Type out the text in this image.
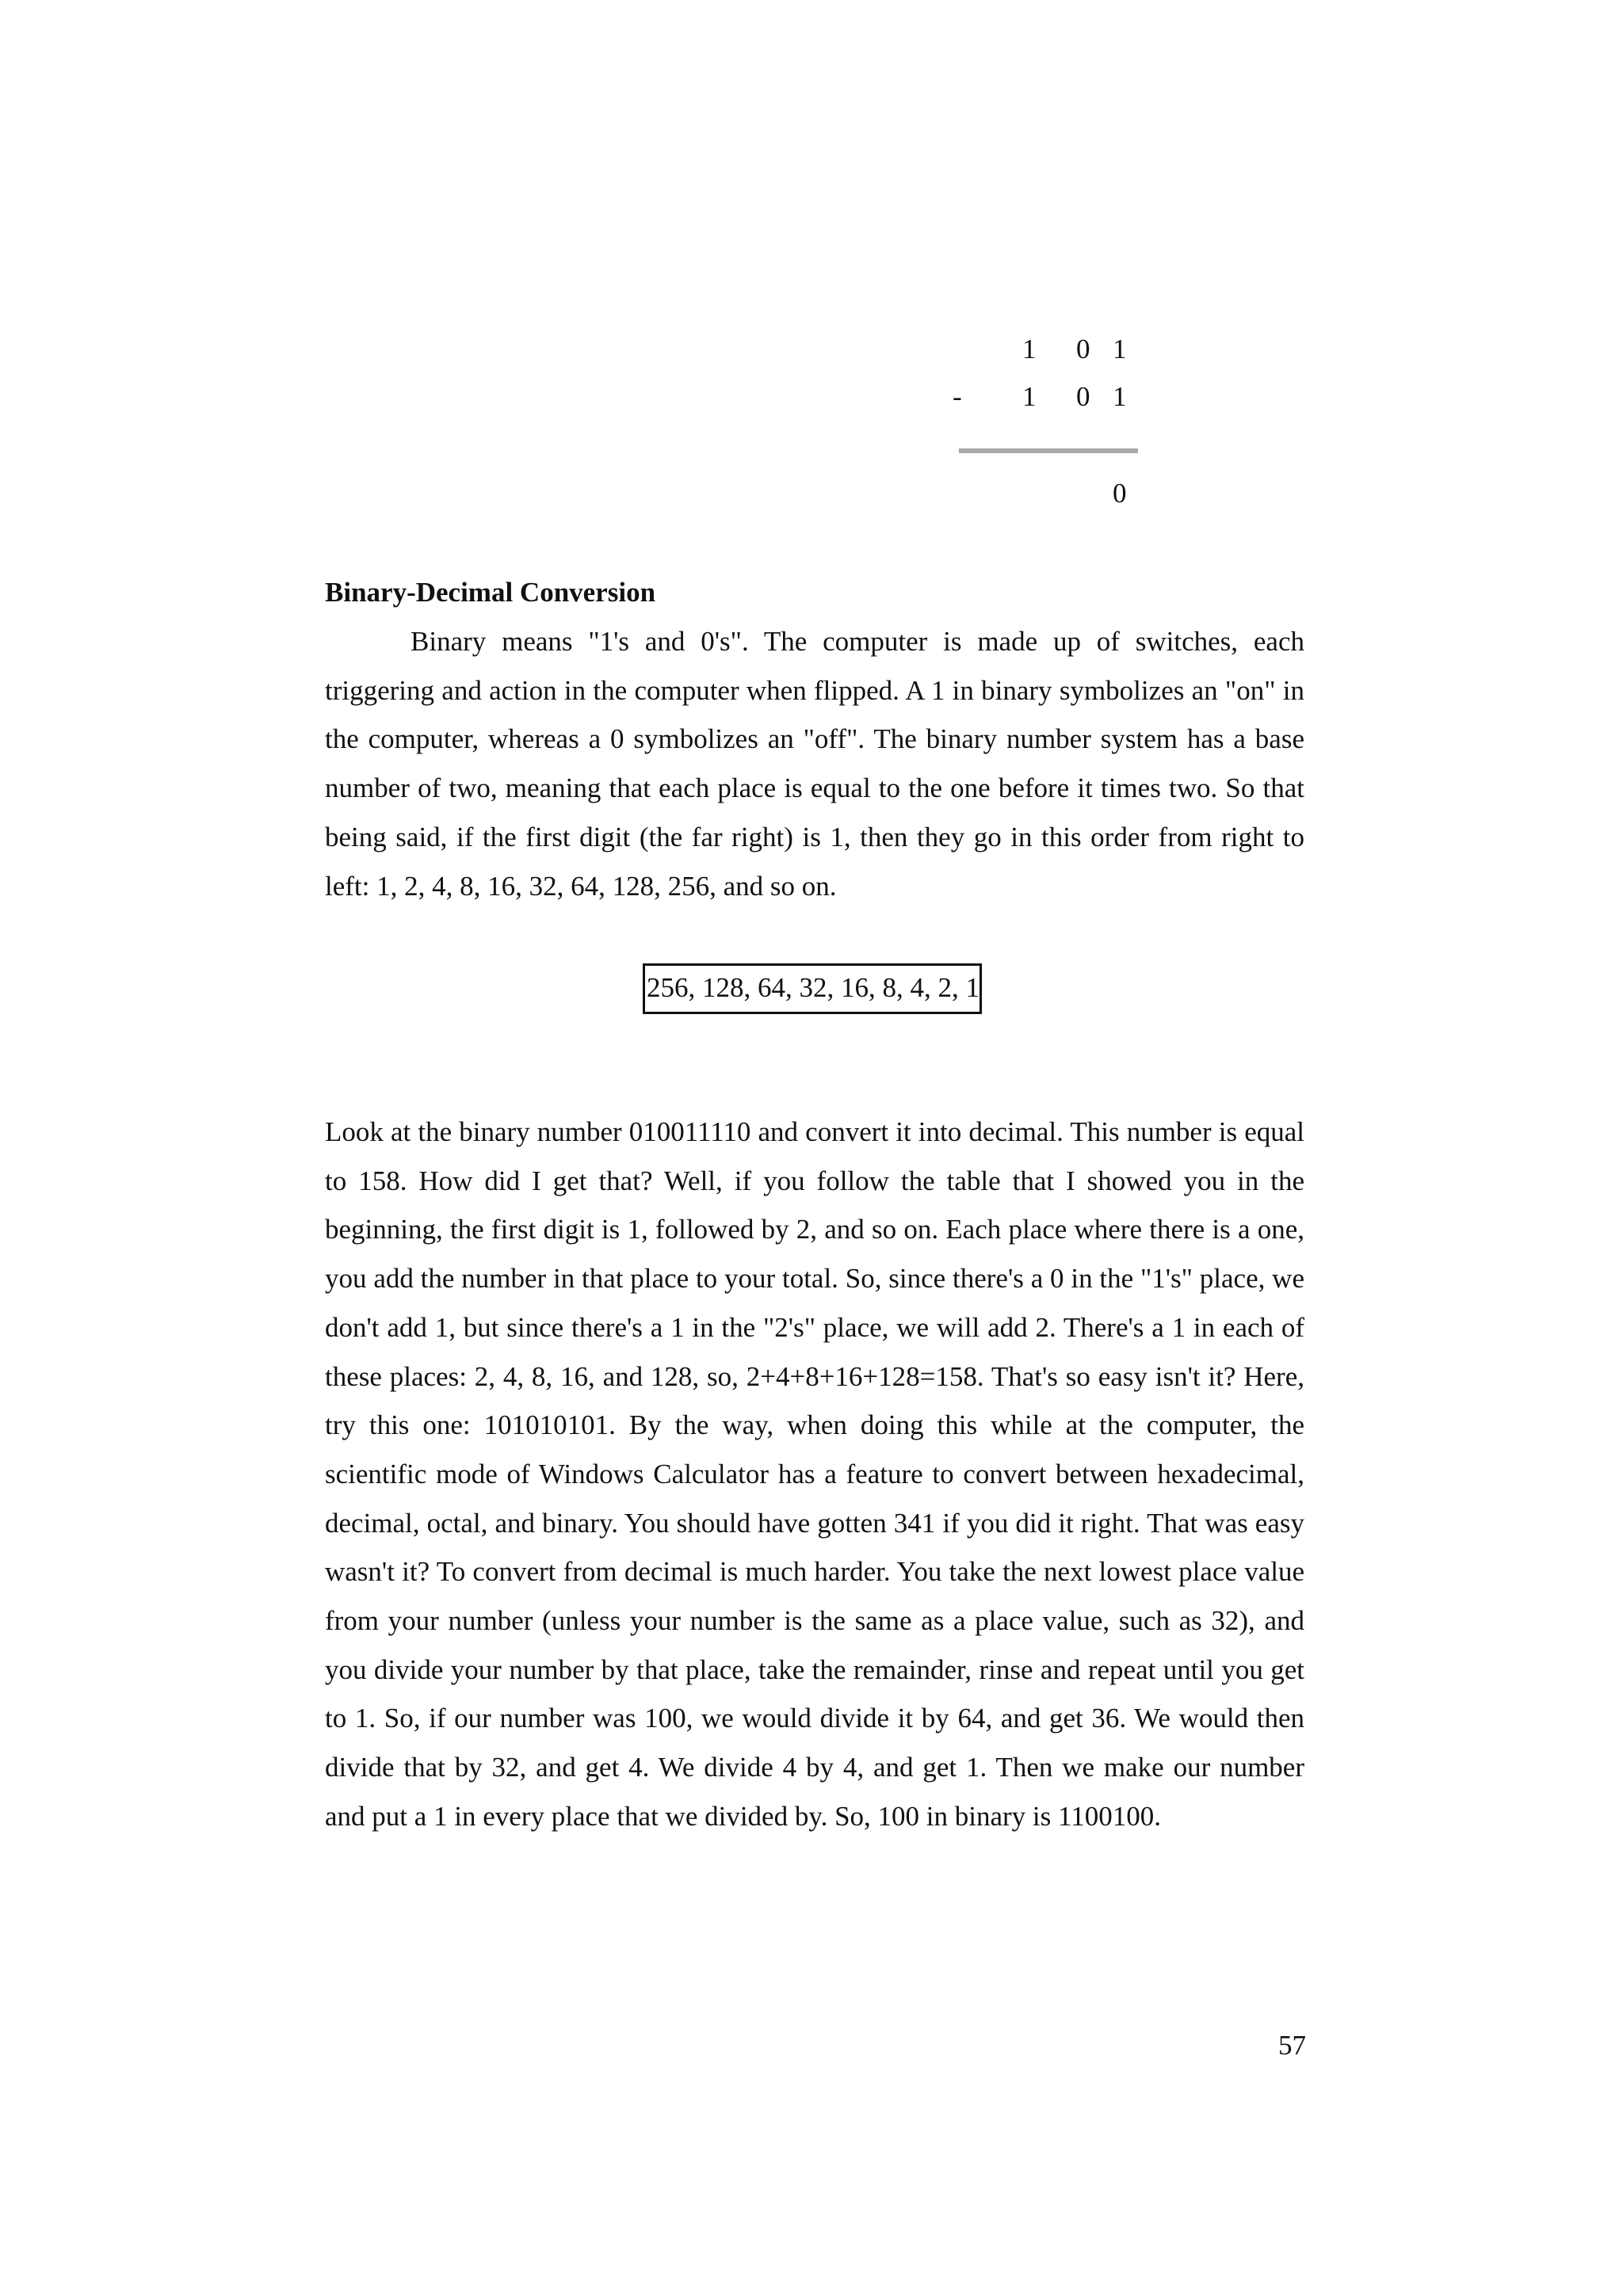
1 0 1
- 1 0 1
0
Binary-Decimal Conversion

Binary means "1's and 0's". The computer is made up of switches, each triggering and action in the computer when flipped. A 1 in binary symbolizes an "on" in the computer, whereas a 0 symbolizes an "off". The binary number system has a base number of two, meaning that each place is equal to the one before it times two. So that being said, if the first digit (the far right) is 1, then they go in this order from right to left: 1, 2, 4, 8, 16, 32, 64, 128, 256, and so on.

256, 128, 64, 32, 16, 8, 4, 2, 1

Look at the binary number 010011110 and convert it into decimal. This number is equal to 158. How did I get that? Well, if you follow the table that I showed you in the beginning, the first digit is 1, followed by 2, and so on. Each place where there is a one, you add the number in that place to your total. So, since there's a 0 in the "1's" place, we don't add 1, but since there's a 1 in the "2's" place, we will add 2. There's a 1 in each of these places: 2, 4, 8, 16, and 128, so, 2+4+8+16+128=158. That's so easy isn't it? Here, try this one: 101010101. By the way, when doing this while at the computer, the scientific mode of Windows Calculator has a feature to convert between hexadecimal, decimal, octal, and binary. You should have gotten 341 if you did it right. That was easy wasn't it? To convert from decimal is much harder. You take the next lowest place value from your number (unless your number is the same as a place value, such as 32), and you divide your number by that place, take the remainder, rinse and repeat until you get to 1. So, if our number was 100, we would divide it by 64, and get 36. We would then divide that by 32, and get 4. We divide 4 by 4, and get 1. Then we make our number and put a 1 in every place that we divided by. So, 100 in binary is 1100100.

57
